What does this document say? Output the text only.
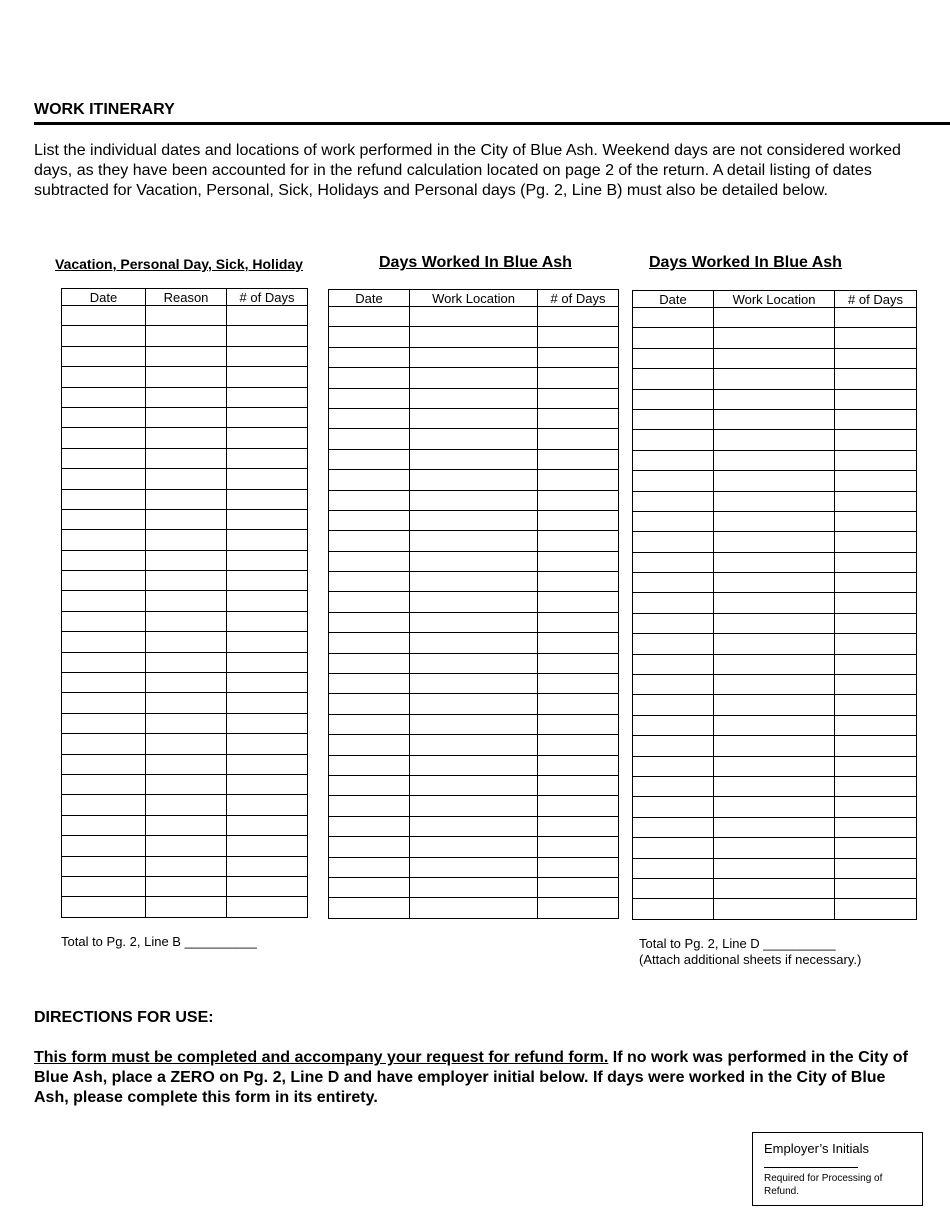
WORK ITINERARY

List the individual dates and locations of work performed in the City of Blue Ash. Weekend days are not considered worked days, as they have been accounted for in the refund calculation located on page 2 of the return. A detail listing of dates subtracted for Vacation, Personal, Sick, Holidays and Personal days (Pg. 2, Line B) must also be detailed below.

Vacation, Personal Day, Sick, Holiday	Days Worked In Blue Ash	Days Worked In Blue Ash
Date	Reason	# of Days

			Date	Work Location	# of Days

			Date	Work Location	# of Days

Total to Pg. 2, Line B __________	Total to Pg. 2, Line D __________
(Attach additional sheets if necessary.)
DIRECTIONS FOR USE:

This form must be completed and accompany your request for refund form. If no work was performed in the City of Blue Ash, place a ZERO on Pg. 2, Line D and have employer initial below. If days were worked in the City of Blue Ash, please complete this form in its entirety.

Employer’s Initials
Required for Processing of Refund.
